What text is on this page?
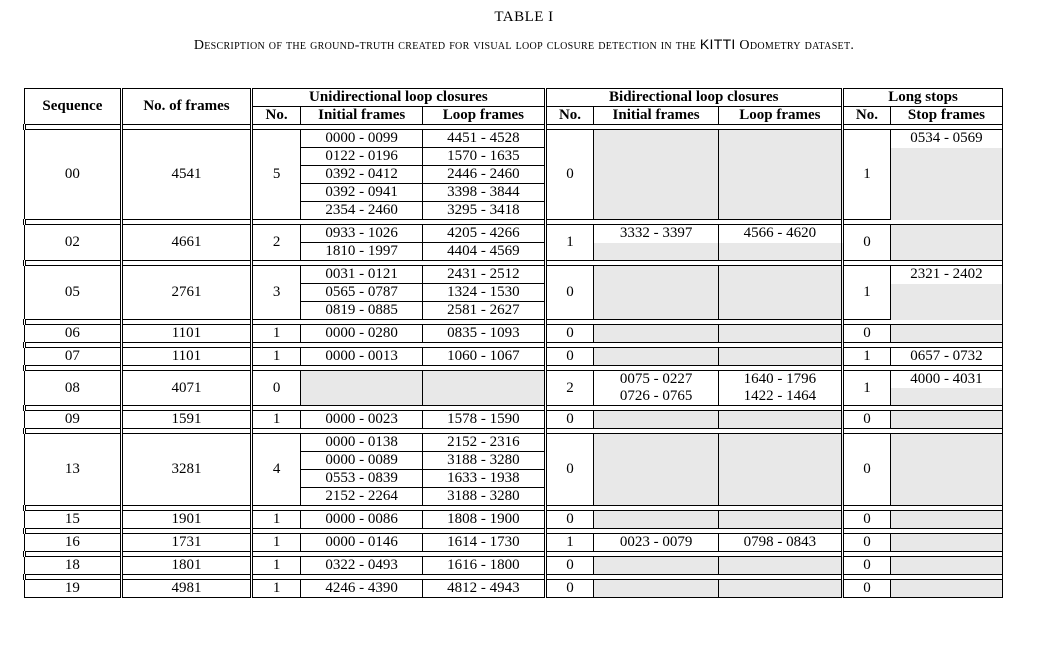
TABLE I
Description of the ground-truth created for visual loop closure detection in the KITTI Odometry dataset.
Sequence	No. of frames	Unidirectional loop closures			Bidirectional loop closures			Long stops	
		No.	Initial frames	Loop frames	No.	Initial frames	Loop frames	No.	Stop frames

00	4541	5	0000 - 0099	4451 - 4528	0			1	0534 - 0569
			0122 - 0196	1570 - 1635					
			0392 - 0412	2446 - 2460					
			0392 - 0941	3398 - 3844					
			2354 - 2460	3295 - 3418					

02	4661	2	0933 - 1026	4205 - 4266	1	3332 - 3397	4566 - 4620	0	
			1810 - 1997	4404 - 4569					

05	2761	3	0031 - 0121	2431 - 2512	0			1	2321 - 2402
			0565 - 0787	1324 - 1530					
			0819 - 0885	2581 - 2627					

06	1101	1	0000 - 0280	0835 - 1093	0			0	

07	1101	1	0000 - 0013	1060 - 1067	0			1	0657 - 0732

08	4071	0			2	0075 - 0227	1640 - 1796	1	4000 - 4031
						0726 - 0765	1422 - 1464		

09	1591	1	0000 - 0023	1578 - 1590	0			0	

13	3281	4	0000 - 0138	2152 - 2316	0			0	
			0000 - 0089	3188 - 3280					
			0553 - 0839	1633 - 1938					
			2152 - 2264	3188 - 3280					

15	1901	1	0000 - 0086	1808 - 1900	0			0	

16	1731	1	0000 - 0146	1614 - 1730	1	0023 - 0079	0798 - 0843	0	

18	1801	1	0322 - 0493	1616 - 1800	0			0	

19	4981	1	4246 - 4390	4812 - 4943	0			0	
